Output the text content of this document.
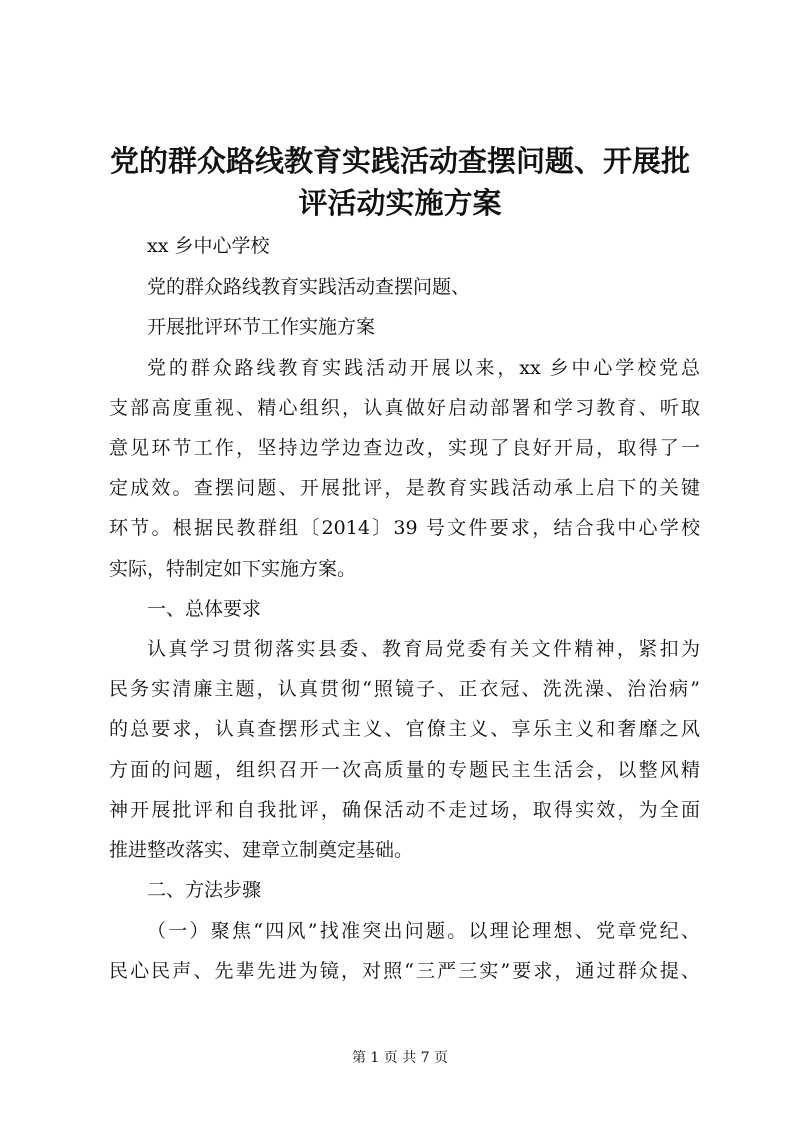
党的群众路线教育实践活动查摆问题、开展批
评活动实施方案
xx 乡中心学校
党的群众路线教育实践活动查摆问题、
开展批评环节工作实施方案
党的群众路线教育实践活动开展以来，xx 乡中心学校党总
支部高度重视、精心组织，认真做好启动部署和学习教育、听取
意见环节工作，坚持边学边查边改，实现了良好开局，取得了一
定成效。查摆问题、开展批评，是教育实践活动承上启下的关键
环节。根据民教群组〔2014〕39 号文件要求，结合我中心学校
实际，特制定如下实施方案。
一、总体要求
认真学习贯彻落实县委、教育局党委有关文件精神，紧扣为
民务实清廉主题，认真贯彻“照镜子、正衣冠、洗洗澡、治治病”
的总要求，认真查摆形式主义、官僚主义、享乐主义和奢靡之风
方面的问题，组织召开一次高质量的专题民主生活会，以整风精
神开展批评和自我批评，确保活动不走过场，取得实效，为全面
推进整改落实、建章立制奠定基础。
二、方法步骤
（一）聚焦“四风”找准突出问题。以理论理想、党章党纪、
民心民声、先辈先进为镜，对照“三严三实”要求，通过群众提、
第 1 页 共 7 页
